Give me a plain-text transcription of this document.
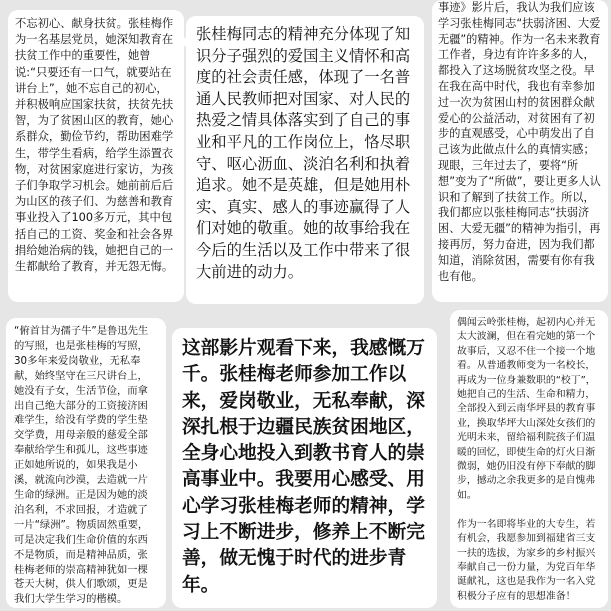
不忘初心、献身扶贫。张桂梅作为一名基层党员，她深知教育在扶贫工作中的重要性，她曾说:“只要还有一口气，就要站在讲台上”，她不忘自己的初心，并积极响应国家扶贫，扶贫先扶智，为了贫困山区的教育，她心系群众，勤俭节约，帮助困难学生，带学生看病，给学生添置衣物，对贫困家庭进行家访，为孩子们争取学习机会。她前前后后为山区的孩子们、为慈善和教育事业投入了100多万元，其中包括自己的工资、奖金和社会各界捐给她治病的钱，她把自己的一生都献给了教育，并无怨无悔。
张桂梅同志的精神充分体现了知识分子强烈的爱国主义情怀和高度的社会责任感，体现了一名普通人民教师把对国家、对人民的热爱之情具体落实到了自己的事业和平凡的工作岗位上，恪尽职守、呕心沥血、淡泊名利和执着追求。她不是英雄，但是她用朴实、真实、感人的事迹赢得了人们对她的敬重。她的故事给我在今后的生活以及工作中带来了很大前进的动力。
事迹》影片后，我认为我们应该学习张桂梅同志“扶弱济困、大爱无疆”的精神。作为一名未来教育工作者，身边有许许多多的人，都投入了这场脱贫攻坚之役。早在我在高中时代，我也有幸参加过一次为贫困山村的贫困群众献爱心的公益活动，对贫困有了初步的直观感受，心中萌发出了自己该为此做点什么的真情实感；现眼，三年过去了，要将“所想”变为了“所做”，要让更多人认识和了解到了扶贫工作。所以，我们都应以张桂梅同志“扶弱济困、大爱无疆”的精神为指引，再接再厉，努力奋进，因为我们都知道，消除贫困，需要有你有我也有他。
“俯首甘为孺子牛”是鲁迅先生的写照，也是张桂梅的写照，30多年来爱岗敬业，无私奉献，始终坚守在三尺讲台上，她没有子女，生活节俭，而拿出自己绝大部分的工资接济困难学生，给没有学费的学生垫交学费，用母亲般的慈爱全部奉献给学生和孤儿，这些事迹正如她所说的，如果我是小溪，就流向沙漠，去造就一片生命的绿洲。正是因为她的淡泊名利，不求回报，才造就了一片“绿洲”。物质固然重要，可是决定我们生命价值的东西不是物质，而是精神品质，张桂梅老师的崇高精神犹如一棵苍天大树，供人们歌颂，更是我们大学生学习的楷模。
这部影片观看下来，我感慨万千。张桂梅老师参加工作以来，爱岗敬业，无私奉献，深深扎根于边疆民族贫困地区，全身心地投入到教书育人的崇高事业中。我要用心感受、用心学习张桂梅老师的精神，学习上不断进步，修养上不断完善，做无愧于时代的进步青年。
偶闻云岭张桂梅，起初内心并无太大波澜，但在看完她的第一个故事后，又忍不住一个接一个地看。从普通教师变为一名校长，再成为一位身兼数职的“校丁”，她把自己的生活、生命和精力，全部投入到云南华坪县的教育事业，换取华坪大山深处女孩们的光明未来，留给福利院孩子们温暖的回忆，即使生命的灯火日渐微弱，她仍旧没有停下奉献的脚步，撼动之余我更多的是自愧弗如。

作为一名即将毕业的大专生，若有机会，我愿参加到福建省三支一扶的选拔，为家乡的乡村振兴奉献自己一份力量，为党百年华诞献礼，这也是我作为一名入党积极分子应有的思想准备！
